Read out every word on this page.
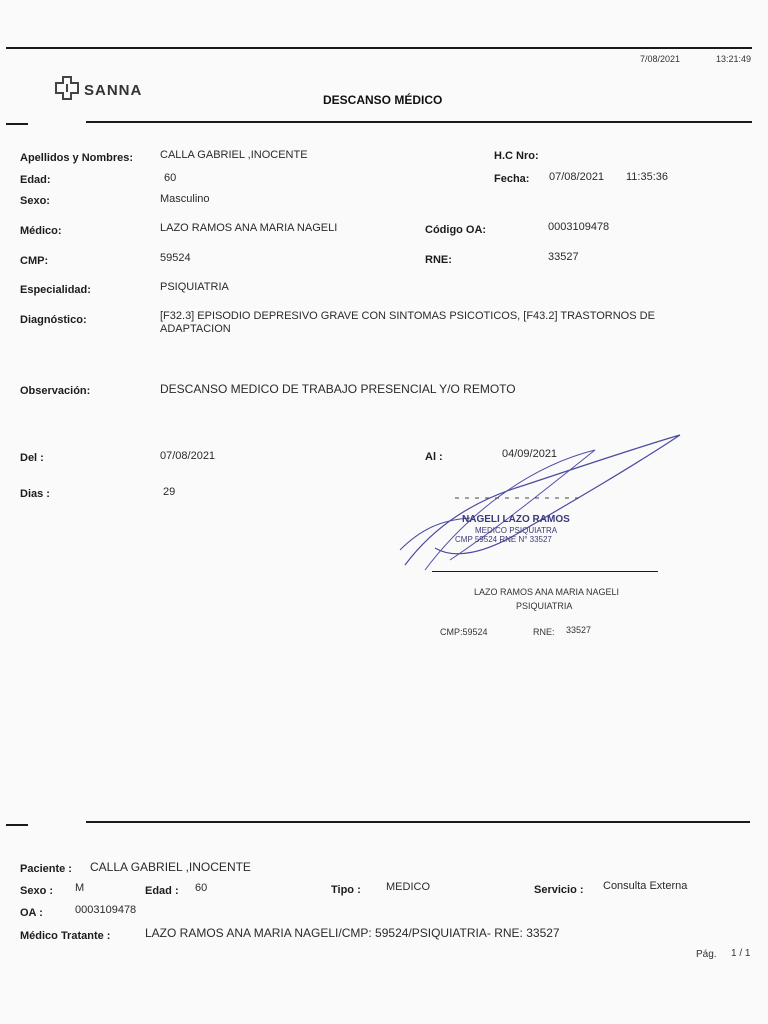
7/08/2021	13:21:49
SANNA
DESCANSO MÉDICO
Apellidos y Nombres: CALLA GABRIEL ,INOCENTE	H.C Nro:
Edad:	60	Fecha: 07/08/2021 11:35:36
Sexo:	Masculino
Médico:	LAZO RAMOS ANA MARIA NAGELI	Código OA:	0003109478
CMP:	59524	RNE:	33527
Especialidad:	PSIQUIATRIA
Diagnóstico:	[F32.3] EPISODIO DEPRESIVO GRAVE CON SINTOMAS PSICOTICOS, [F43.2] TRASTORNOS DE ADAPTACION
Observación:	DESCANSO MEDICO DE TRABAJO PRESENCIAL Y/O REMOTO
Del :	07/08/2021	Al :	04/09/2021
Dias :	29
NAGELI LAZO RAMOS
MEDICO PSIQUIATRA
CMP 59524 RNE N° 33527
LAZO RAMOS ANA MARIA NAGELI
PSIQUIATRIA
CMP:59524	RNE: 33527
Paciente : CALLA GABRIEL ,INOCENTE
Sexo : M	Edad : 60	Tipo : MEDICO	Servicio : Consulta Externa
OA :	0003109478
Médico Tratante :	LAZO RAMOS ANA MARIA NAGELI/CMP: 59524/PSIQUIATRIA- RNE: 33527
Pág. 1 / 1
